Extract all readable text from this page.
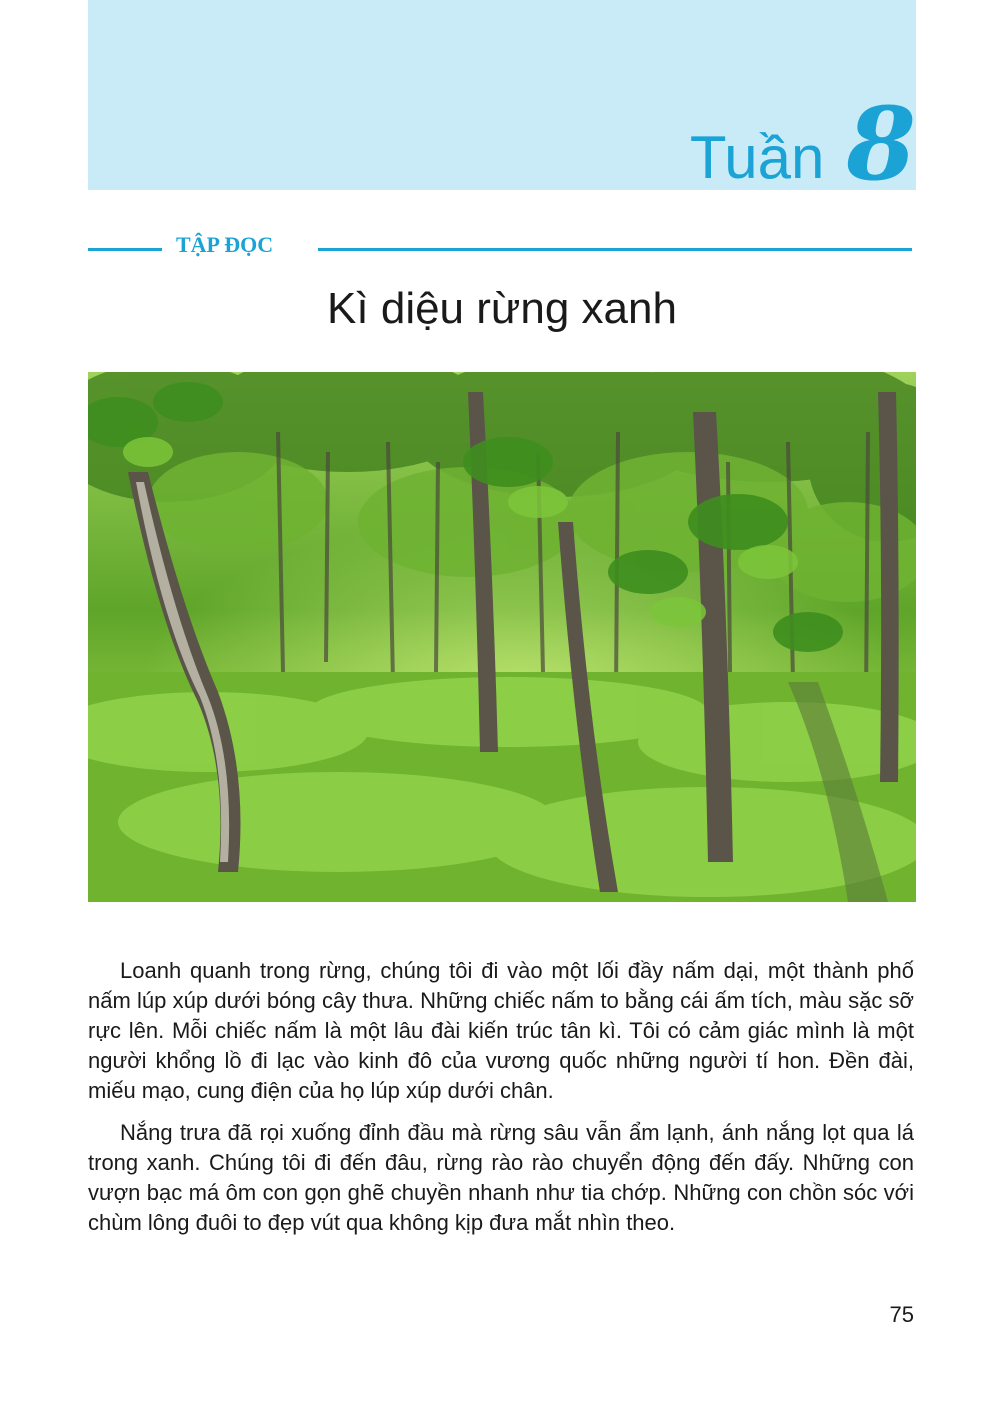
Tuần 8
TẬP ĐỌC
Kì diệu rừng xanh

Loanh quanh trong rừng, chúng tôi đi vào một lối đầy nấm dại, một thành phố nấm lúp xúp dưới bóng cây thưa. Những chiếc nấm to bằng cái ấm tích, màu sặc sỡ rực lên. Mỗi chiếc nấm là một lâu đài kiến trúc tân kì. Tôi có cảm giác mình là một người khổng lồ đi lạc vào kinh đô của vương quốc những người tí hon. Đền đài, miếu mạo, cung điện của họ lúp xúp dưới chân.

Nắng trưa đã rọi xuống đỉnh đầu mà rừng sâu vẫn ẩm lạnh, ánh nắng lọt qua lá trong xanh. Chúng tôi đi đến đâu, rừng rào rào chuyển động đến đấy. Những con vượn bạc má ôm con gọn ghẽ chuyền nhanh như tia chớp. Những con chồn sóc với chùm lông đuôi to đẹp vút qua không kịp đưa mắt nhìn theo.

75
